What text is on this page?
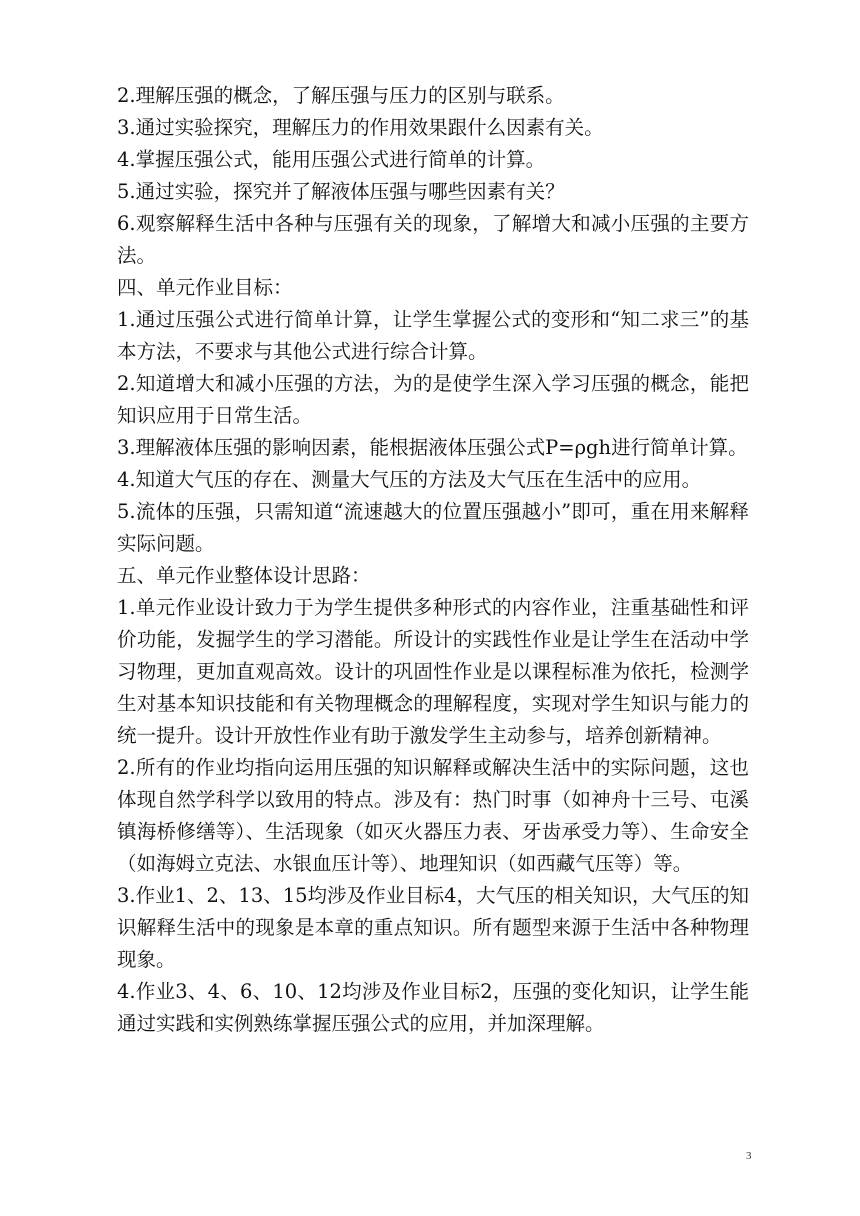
2.理解压强的概念，了解压强与压力的区别与联系。

3.通过实验探究，理解压力的作用效果跟什么因素有关。

4.掌握压强公式，能用压强公式进行简单的计算。

5.通过实验，探究并了解液体压强与哪些因素有关？

6.观察解释生活中各种与压强有关的现象，了解增大和减小压强的主要方法。

四、单元作业目标：

1.通过压强公式进行简单计算，让学生掌握公式的变形和“知二求三”的基本方法，不要求与其他公式进行综合计算。

2.知道增大和减小压强的方法，为的是使学生深入学习压强的概念，能把知识应用于日常生活。

3.理解液体压强的影响因素，能根据液体压强公式P=ρgh进行简单计算。

4.知道大气压的存在、测量大气压的方法及大气压在生活中的应用。

5.流体的压强，只需知道“流速越大的位置压强越小”即可，重在用来解释实际问题。

五、单元作业整体设计思路：

1.单元作业设计致力于为学生提供多种形式的内容作业，注重基础性和评价功能，发掘学生的学习潜能。所设计的实践性作业是让学生在活动中学习物理，更加直观高效。设计的巩固性作业是以课程标准为依托，检测学生对基本知识技能和有关物理概念的理解程度，实现对学生知识与能力的统一提升。设计开放性作业有助于激发学生主动参与，培养创新精神。

2.所有的作业均指向运用压强的知识解释或解决生活中的实际问题，这也体现自然学科学以致用的特点。涉及有：热门时事（如神舟十三号、屯溪镇海桥修缮等）、生活现象（如灭火器压力表、牙齿承受力等）、生命安全（如海姆立克法、水银血压计等）、地理知识（如西藏气压等）等。

3.作业1、2、13、15均涉及作业目标4，大气压的相关知识，大气压的知识解释生活中的现象是本章的重点知识。所有题型来源于生活中各种物理现象。

4.作业3、4、6、10、12均涉及作业目标2，压强的变化知识，让学生能通过实践和实例熟练掌握压强公式的应用，并加深理解。

3
